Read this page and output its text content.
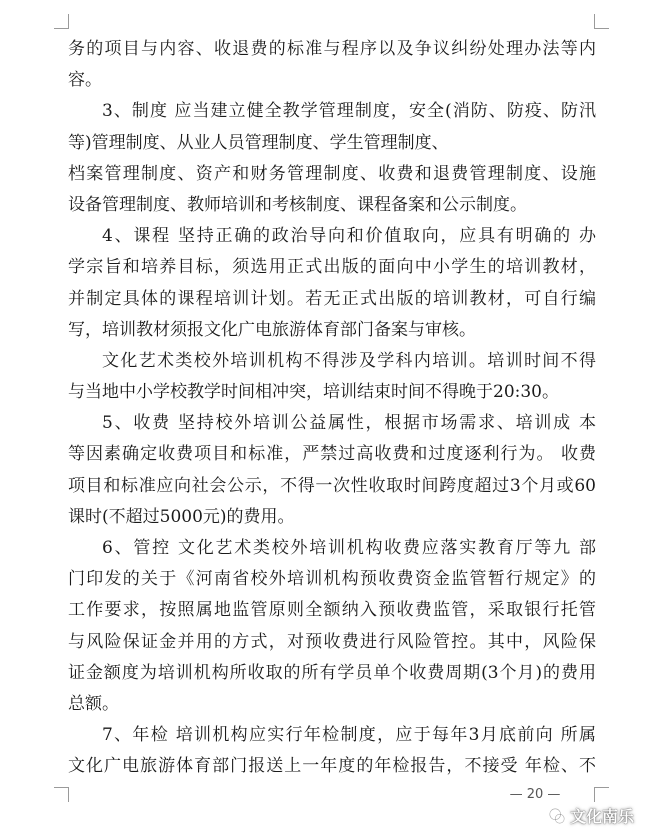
务的项目与内容、收退费的标准与程序以及争议纠纷处理办法等内
容。
3、制度 应当建立健全教学管理制度，安全(消防、防疫、防汛
等)管理制度、从业人员管理制度、学生管理制度、
档案管理制度、资产和财务管理制度、收费和退费管理制度、设施
设备管理制度、教师培训和考核制度、课程备案和公示制度。
4、课程 坚持正确的政治导向和价值取向，应具有明确的 办
学宗旨和培养目标，须选用正式出版的面向中小学生的培训教材，
并制定具体的课程培训计划。若无正式出版的培训教材，可自行编
写，培训教材须报文化广电旅游体育部门备案与审核。
文化艺术类校外培训机构不得涉及学科内培训。培训时间不得
与当地中小学校教学时间相冲突，培训结束时间不得晚于20:30。
5、收费 坚持校外培训公益属性，根据市场需求、培训成 本
等因素确定收费项目和标准，严禁过高收费和过度逐利行为。 收费
项目和标准应向社会公示，不得一次性收取时间跨度超过3个月或60
课时(不超过5000元)的费用。
6、管控 文化艺术类校外培训机构收费应落实教育厅等九 部
门印发的关于《河南省校外培训机构预收费资金监管暂行规定》的
工作要求，按照属地监管原则全额纳入预收费监管，采取银行托管
与风险保证金并用的方式，对预收费进行风险管控。其中，风险保
证金额度为培训机构所收取的所有学员单个收费周期(3个月)的费用
总额。
7、年检 培训机构应实行年检制度，应于每年3月底前向 所属
文化广电旅游体育部门报送上一年度的年检报告，不接受 年检、不
— 20 —
文化南乐
